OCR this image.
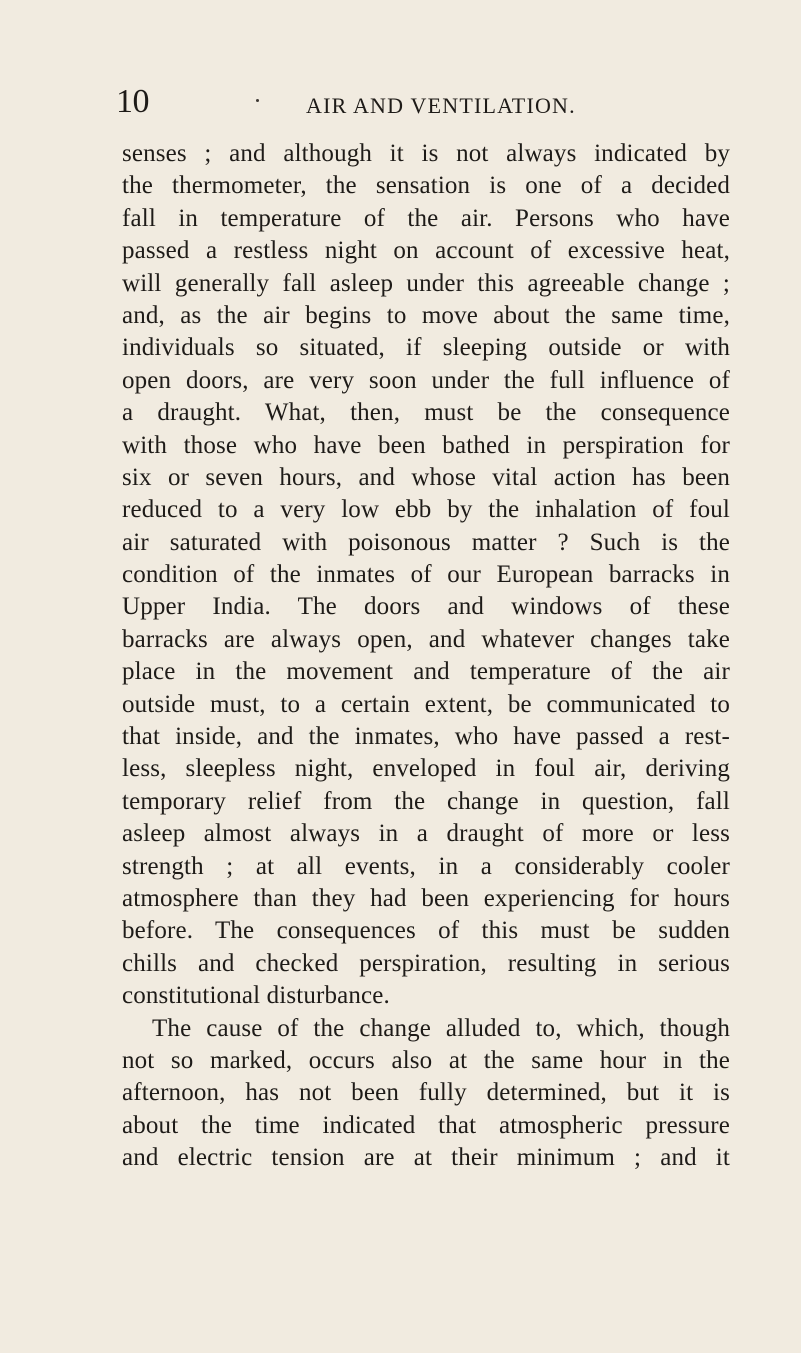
10	AIR AND VENTILATION.
senses ; and although it is not always indicated by
the thermometer, the sensation is one of a decided
fall in temperature of the air. Persons who have
passed a restless night on account of excessive heat,
will generally fall asleep under this agreeable change ;
and, as the air begins to move about the same time,
individuals so situated, if sleeping outside or with
open doors, are very soon under the full influence of
a draught. What, then, must be the consequence
with those who have been bathed in perspiration for
six or seven hours, and whose vital action has been
reduced to a very low ebb by the inhalation of foul
air saturated with poisonous matter ? Such is the
condition of the inmates of our European barracks in
Upper India. The doors and windows of these
barracks are always open, and whatever changes take
place in the movement and temperature of the air
outside must, to a certain extent, be communicated to
that inside, and the inmates, who have passed a rest-
less, sleepless night, enveloped in foul air, deriving
temporary relief from the change in question, fall
asleep almost always in a draught of more or less
strength ; at all events, in a considerably cooler
atmosphere than they had been experiencing for hours
before. The consequences of this must be sudden
chills and checked perspiration, resulting in serious
constitutional disturbance.
The cause of the change alluded to, which, though
not so marked, occurs also at the same hour in the
afternoon, has not been fully determined, but it is
about the time indicated that atmospheric pressure
and electric tension are at their minimum ; and it
